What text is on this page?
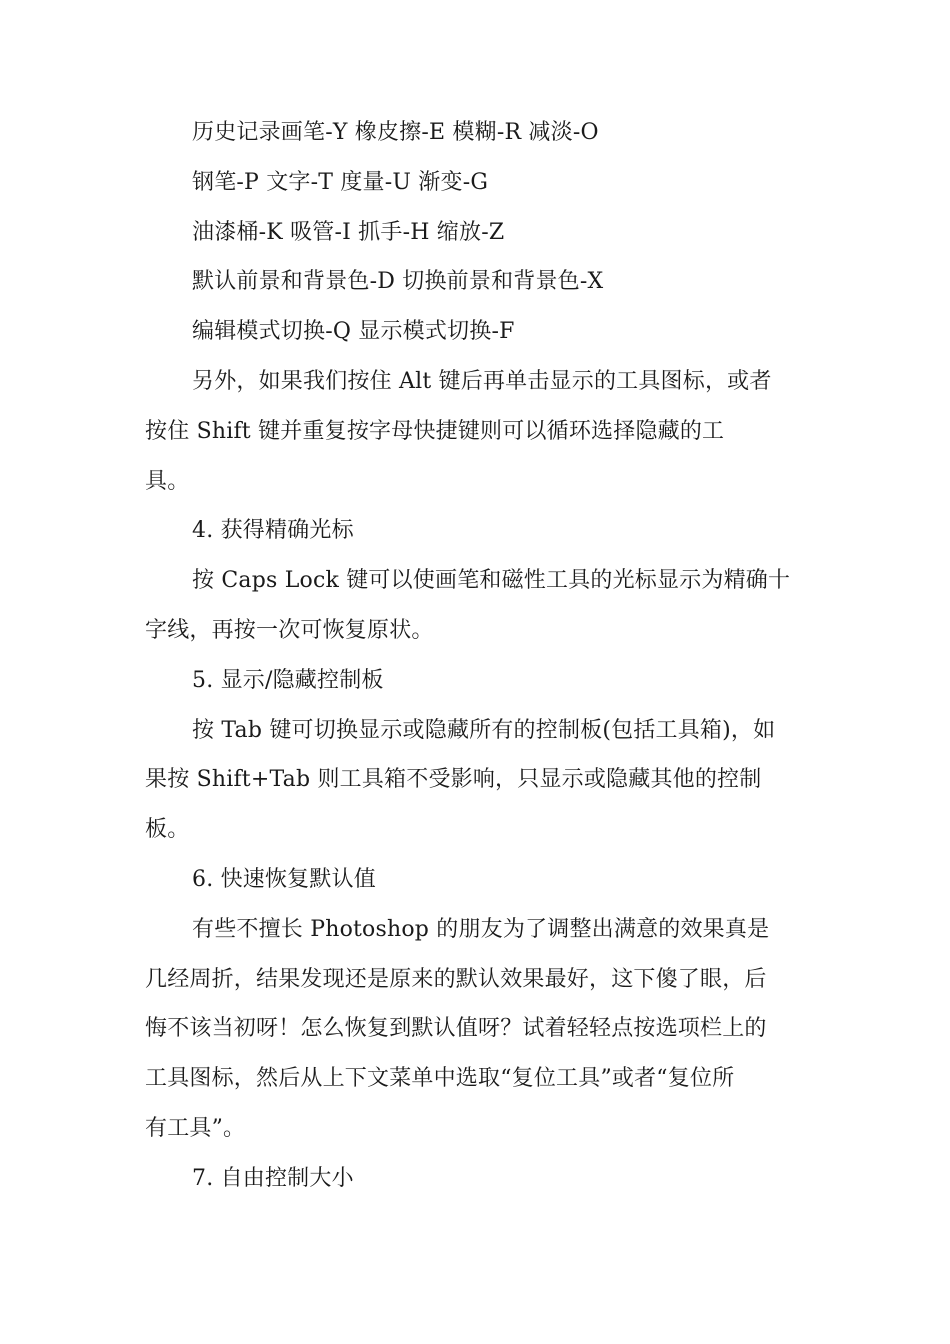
历史记录画笔-Y 橡皮擦-E 模糊-R 减淡-O
钢笔-P 文字-T 度量-U 渐变-G
油漆桶-K 吸管-I 抓手-H 缩放-Z
默认前景和背景色-D 切换前景和背景色-X
编辑模式切换-Q 显示模式切换-F
另外，如果我们按住 Alt 键后再单击显示的工具图标，或者
按住 Shift 键并重复按字母快捷键则可以循环选择隐藏的工
具。
4. 获得精确光标
按 Caps Lock 键可以使画笔和磁性工具的光标显示为精确十
字线，再按一次可恢复原状。
5. 显示/隐藏控制板
按 Tab 键可切换显示或隐藏所有的控制板(包括工具箱)，如
果按 Shift+Tab 则工具箱不受影响，只显示或隐藏其他的控制
板。
6. 快速恢复默认值
有些不擅长 Photoshop 的朋友为了调整出满意的效果真是
几经周折，结果发现还是原来的默认效果最好，这下傻了眼，后
悔不该当初呀！怎么恢复到默认值呀？试着轻轻点按选项栏上的
工具图标，然后从上下文菜单中选取“复位工具”或者“复位所
有工具”。
7. 自由控制大小
